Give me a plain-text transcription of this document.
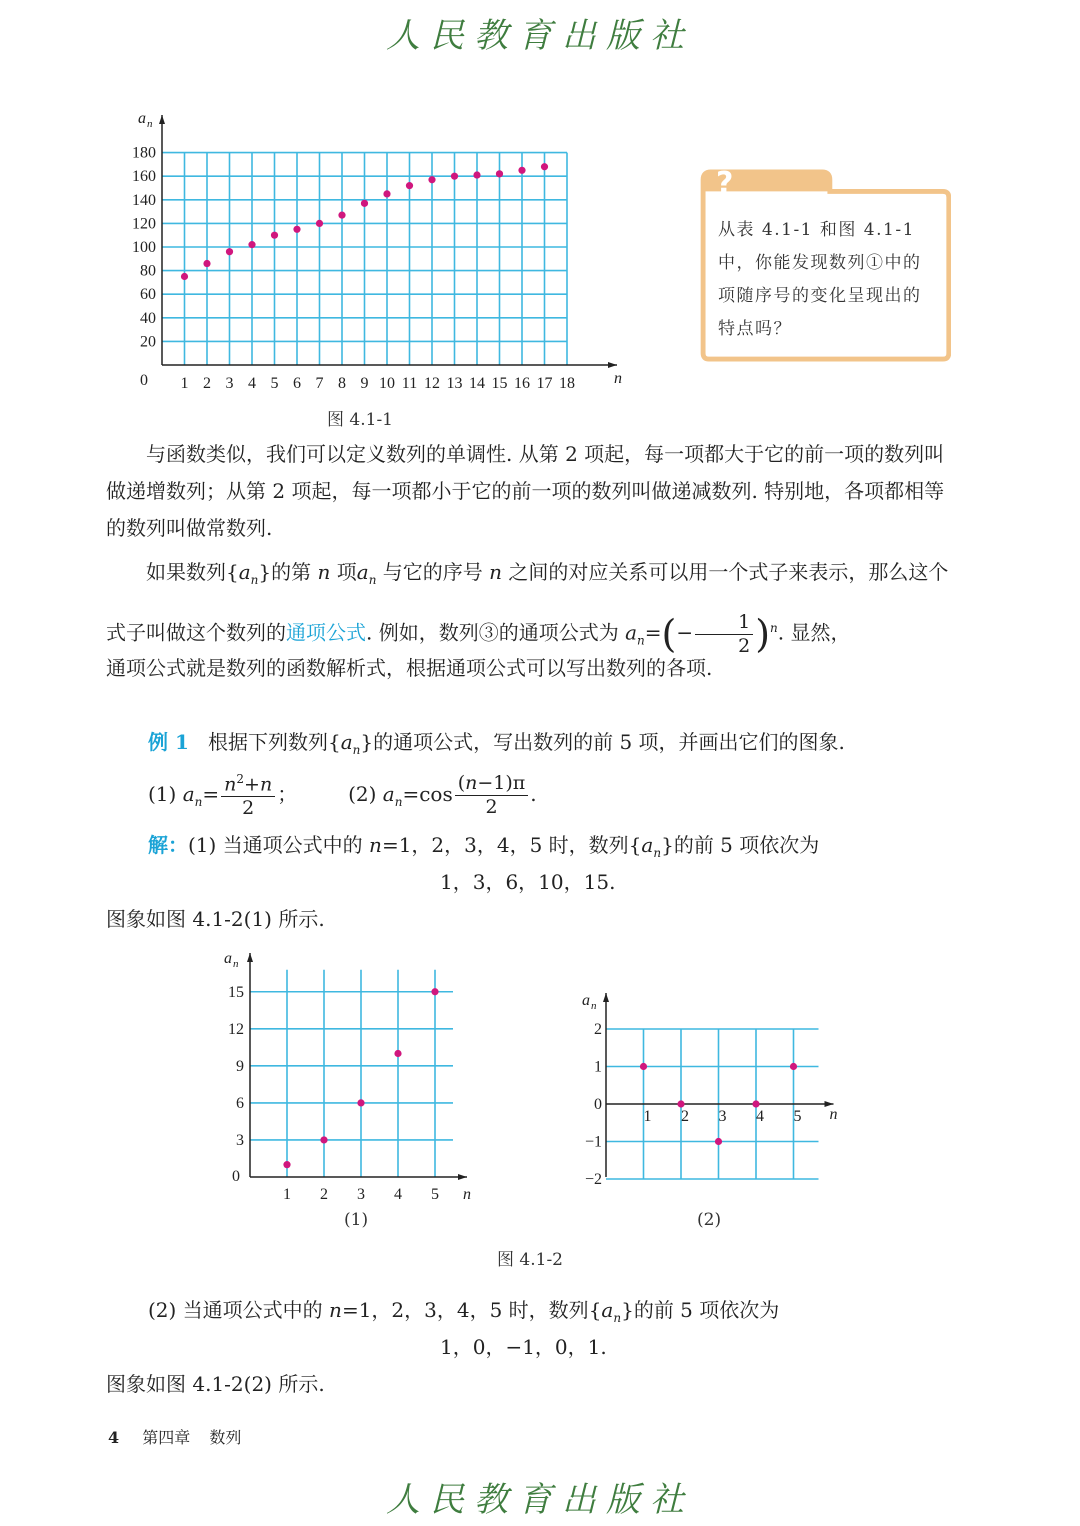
人民教育出版社
1 2 3 4 5 6 7 8 9 10 11 12 13 14 15 16 17 18
20
40
60
80
100
120
140
160
180
0	n
a n
图 4.1-1
?
从表 4.1-1 和图 4.1-1 中，你能发现数列①中的项随序号的变化呈现出的特点吗？
与函数类似，我们可以定义数列的单调性. 从第 2 项起，每一项都大于它的前一项的数列叫做递增数列；从第 2 项起，每一项都小于它的前一项的数列叫做递减数列. 特别地，各项都相等的数列叫做常数列.
如果数列$\{a_n\}$的第 n 项$a_n$ 与它的序号 n 之间的对应关系可以用一个式子来表示，那么这个式子叫做这个数列的通项公式. 例如，数列③的通项公式为 $a_n=(- \frac{1}{2} )^n$. 显然，
通项公式就是数列的函数解析式，根据通项公式可以写出数列的各项.
例 1 根据下列数列$\{a_n\}$的通项公式，写出数列的前 5 项，并画出它们的图象.
(1) $a_n= \frac{n^2+n}{2}$ ；        (2) $a_n=\cos \frac{(n-1)\pi}{2}$ .
解：(1) 当通项公式中的 n=1，2，3，4，5 时，数列$\{a_n\}$的前 5 项依次为
1，3，6，10，15.
图象如图 4.1-2(1) 所示.
1 2 3 4 5
3
6
9
12
15
0
n
a n
1 2 3 4 5
2
1
0
−1
−2
n
a n
(1)	(2)
图 4.1-2
(2) 当通项公式中的 n=1，2，3，4，5 时，数列$\{a_n\}$的前 5 项依次为
1，0，−1，0，1.
图象如图 4.1-2(2) 所示.
4 第四章 数列
人民教育出版社
